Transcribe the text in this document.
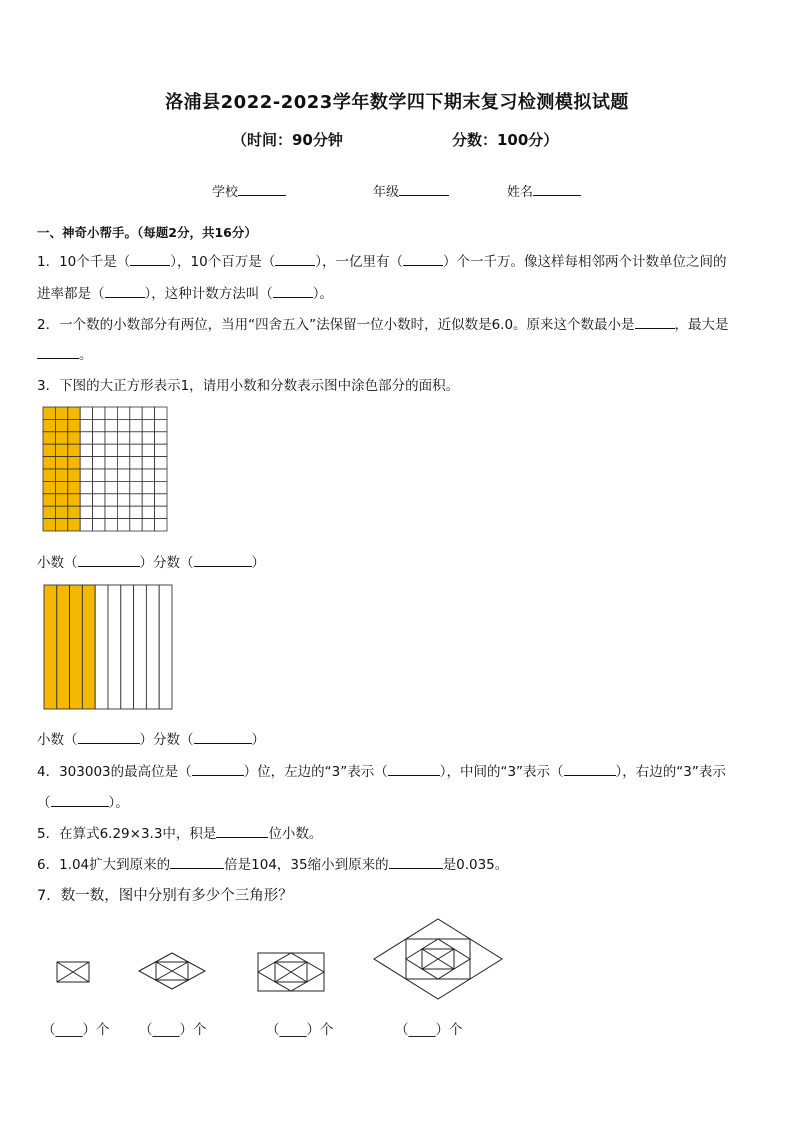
洛浦县2022-2023学年数学四下期末复习检测模拟试题
（时间：90分钟	分数：100分）
学校	年级	姓名
一、神奇小帮手。（每题2分，共16分）
1．10个千是（	），10个百万是（	），一亿里有（	）个一千万。像这样每相邻两个计数单位之间的
进率都是（	），这种计数方法叫（	）。
2．一个数的小数部分有两位，当用“四舍五入”法保留一位小数时，近似数是6.0。原来这个数最小是	，最大是
。
3．下图的大正方形表示1，请用小数和分数表示图中涂色部分的面积。
小数（	）分数（	）
小数（	）分数（	）
4．303003的最高位是（	）位，左边的“3”表示（	），中间的“3”表示（	），右边的“3”表示
（	）。
5．在算式6.29×3.3中，积是	位小数。
6．1.04扩大到原来的	倍是104，35缩小到原来的	是0.035。
7．数一数，图中分别有多少个三角形？
（____）个 （____）个	（____）个	（____）个
